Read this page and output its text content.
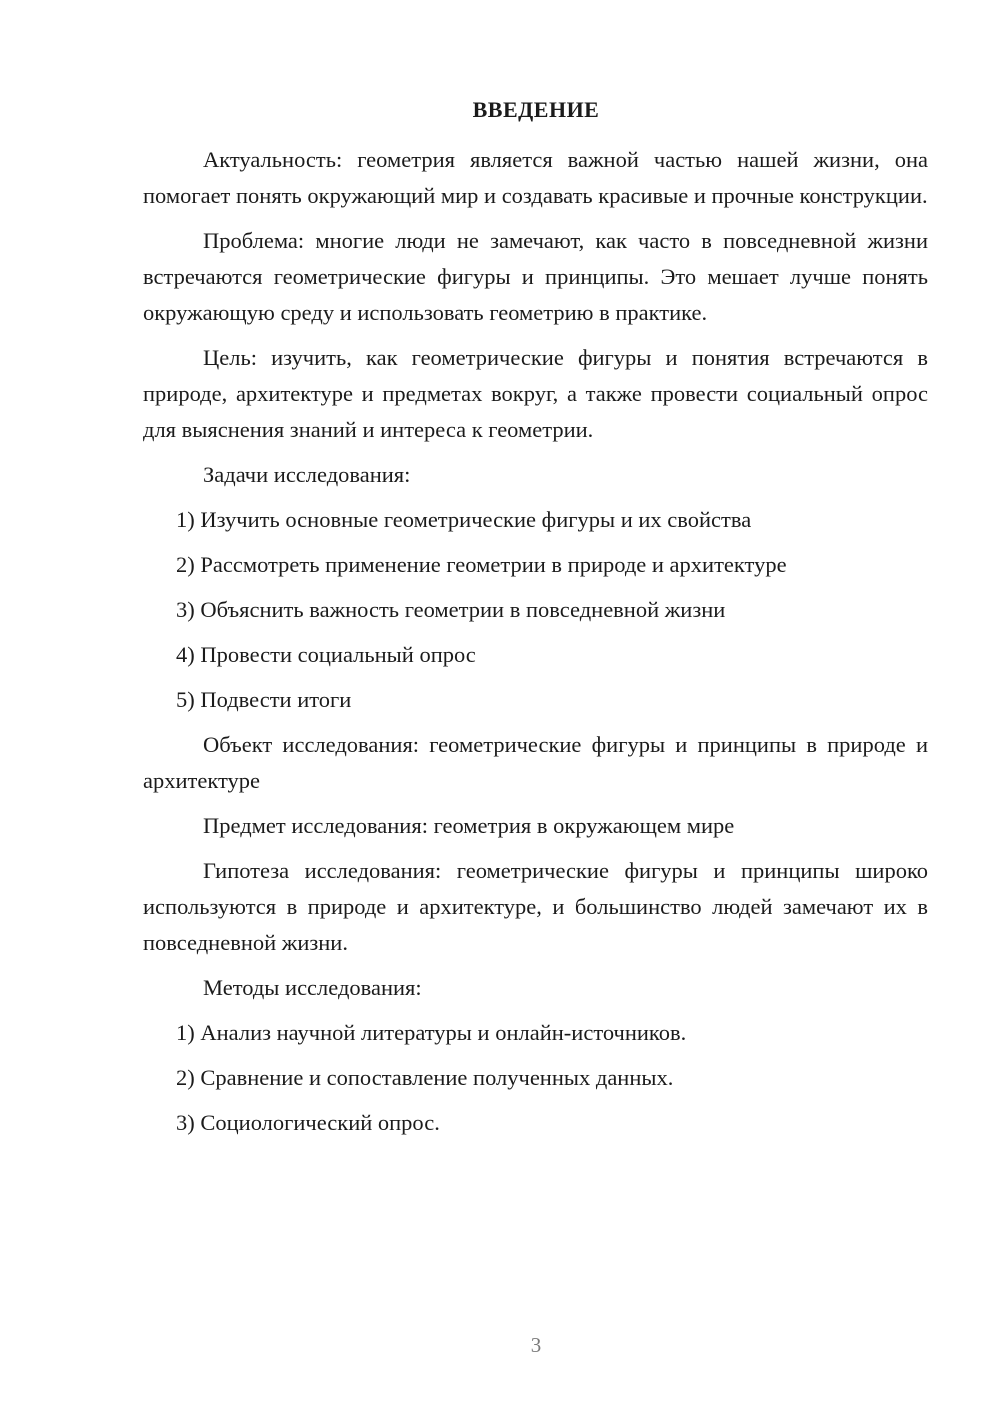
ВВЕДЕНИЕ

Актуальность: геометрия является важной частью нашей жизни, она помогает понять окружающий мир и создавать красивые и прочные конструкции.

Проблема: многие люди не замечают, как часто в повседневной жизни встречаются геометрические фигуры и принципы. Это мешает лучше понять окружающую среду и использовать геометрию в практике.

Цель: изучить, как геометрические фигуры и понятия встречаются в природе, архитектуре и предметах вокруг, а также провести социальный опрос для выяснения знаний и интереса к геометрии.

Задачи исследования:

1) Изучить основные геометрические фигуры и их свойства

2) Рассмотреть применение геометрии в природе и архитектуре

3) Объяснить важность геометрии в повседневной жизни

4) Провести социальный опрос

5) Подвести итоги

Объект исследования: геометрические фигуры и принципы в природе и архитектуре

Предмет исследования: геометрия в окружающем мире

Гипотеза исследования: геометрические фигуры и принципы широко используются в природе и архитектуре, и большинство людей замечают их в повседневной жизни.

Методы исследования:

1) Анализ научной литературы и онлайн-источников.

2) Сравнение и сопоставление полученных данных.

3) Социологический опрос.

3
